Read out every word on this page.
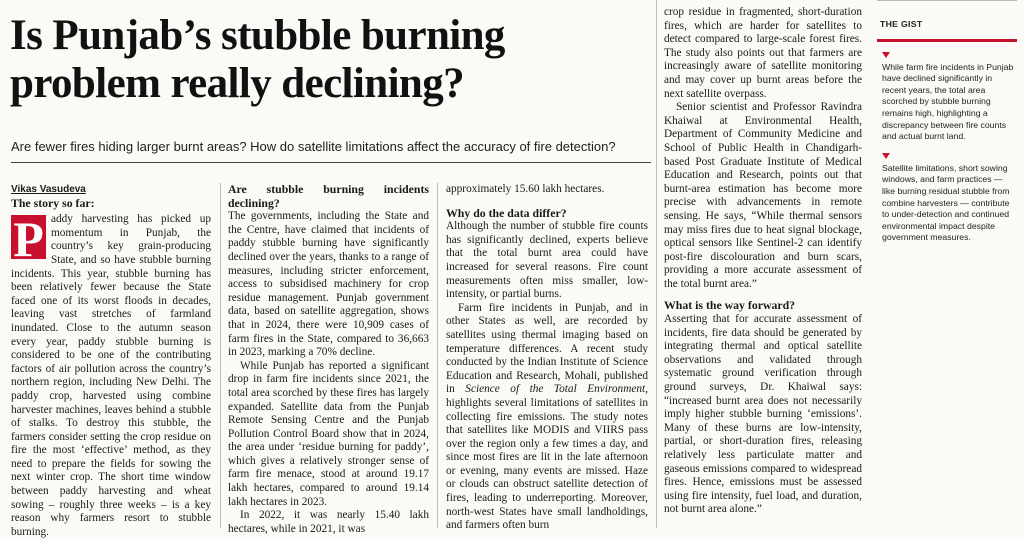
Is Punjab’s stubble burning problem really declining?

Are fewer fires hiding larger burnt areas? How do satellite limitations affect the accuracy of fire detection?

Vikas Vasudeva

The story so far:

P addy harvesting has picked up momentum in Punjab, the country’s key grain-producing State, and so have stubble burning incidents. This year, stubble burning has been relatively fewer because the State faced one of its worst floods in decades, leaving vast stretches of farmland inundated. Close to the autumn season every year, paddy stubble burning is considered to be one of the contributing factors of air pollution across the country’s northern region, including New Delhi. The paddy crop, harvested using combine harvester machines, leaves behind a stubble of stalks. To destroy this stubble, the farmers consider setting the crop residue on fire the most ‘effective’ method, as they need to prepare the fields for sowing the next winter crop. The short time window between paddy harvesting and wheat sowing – roughly three weeks – is a key reason why farmers resort to stubble burning.

Are stubble burning incidents declining?

The governments, including the State and the Centre, have claimed that incidents of paddy stubble burning have significantly declined over the years, thanks to a range of measures, including stricter enforcement, access to subsidised machinery for crop residue management. Punjab government data, based on satellite aggregation, shows that in 2024, there were 10,909 cases of farm fires in the State, compared to 36,663 in 2023, marking a 70% decline.

While Punjab has reported a significant drop in farm fire incidents since 2021, the total area scorched by these fires has largely expanded. Satellite data from the Punjab Remote Sensing Centre and the Punjab Pollution Control Board show that in 2024, the area under ‘residue burning for paddy’, which gives a relatively stronger sense of farm fire menace, stood at around 19.17 lakh hectares, compared to around 19.14 lakh hectares in 2023.

In 2022, it was nearly 15.40 lakh hectares, while in 2021, it was

approximately 15.60 lakh hectares.

Why do the data differ?

Although the number of stubble fire counts has significantly declined, experts believe that the total burnt area could have increased for several reasons. Fire count measurements often miss smaller, low-intensity, or partial burns.

Farm fire incidents in Punjab, and in other States as well, are recorded by satellites using thermal imaging based on temperature differences. A recent study conducted by the Indian Institute of Science Education and Research, Mohali, published in Science of the Total Environment, highlights several limitations of satellites in collecting fire emissions. The study notes that satellites like MODIS and VIIRS pass over the region only a few times a day, and since most fires are lit in the late afternoon or evening, many events are missed. Haze or clouds can obstruct satellite detection of fires, leading to underreporting. Moreover, north-west States have small landholdings, and farmers often burn

crop residue in fragmented, short-duration fires, which are harder for satellites to detect compared to large-scale forest fires. The study also points out that farmers are increasingly aware of satellite monitoring and may cover up burnt areas before the next satellite overpass.

Senior scientist and Professor Ravindra Khaiwal at Environmental Health, Department of Community Medicine and School of Public Health in Chandigarh-based Post Graduate Institute of Medical Education and Research, points out that burnt-area estimation has become more precise with advancements in remote sensing. He says, “While thermal sensors may miss fires due to heat signal blockage, optical sensors like Sentinel-2 can identify post-fire discolouration and burn scars, providing a more accurate assessment of the total burnt area.”

What is the way forward?

Asserting that for accurate assessment of incidents, fire data should be generated by integrating thermal and optical satellite observations and validated through systematic ground verification through ground surveys, Dr. Khaiwal says: “increased burnt area does not necessarily imply higher stubble burning ‘emissions’. Many of these burns are low-intensity, partial, or short-duration fires, releasing relatively less particulate matter and gaseous emissions compared to widespread fires. Hence, emissions must be assessed using fire intensity, fuel load, and duration, not burnt area alone.”

THE GIST

While farm fire incidents in Punjab have declined significantly in recent years, the total area scorched by stubble burning remains high, highlighting a discrepancy between fire counts and actual burnt land.

Satellite limitations, short sowing windows, and farm practices — like burning residual stubble from combine harvesters — contribute to under-detection and continued environmental impact despite government measures.
